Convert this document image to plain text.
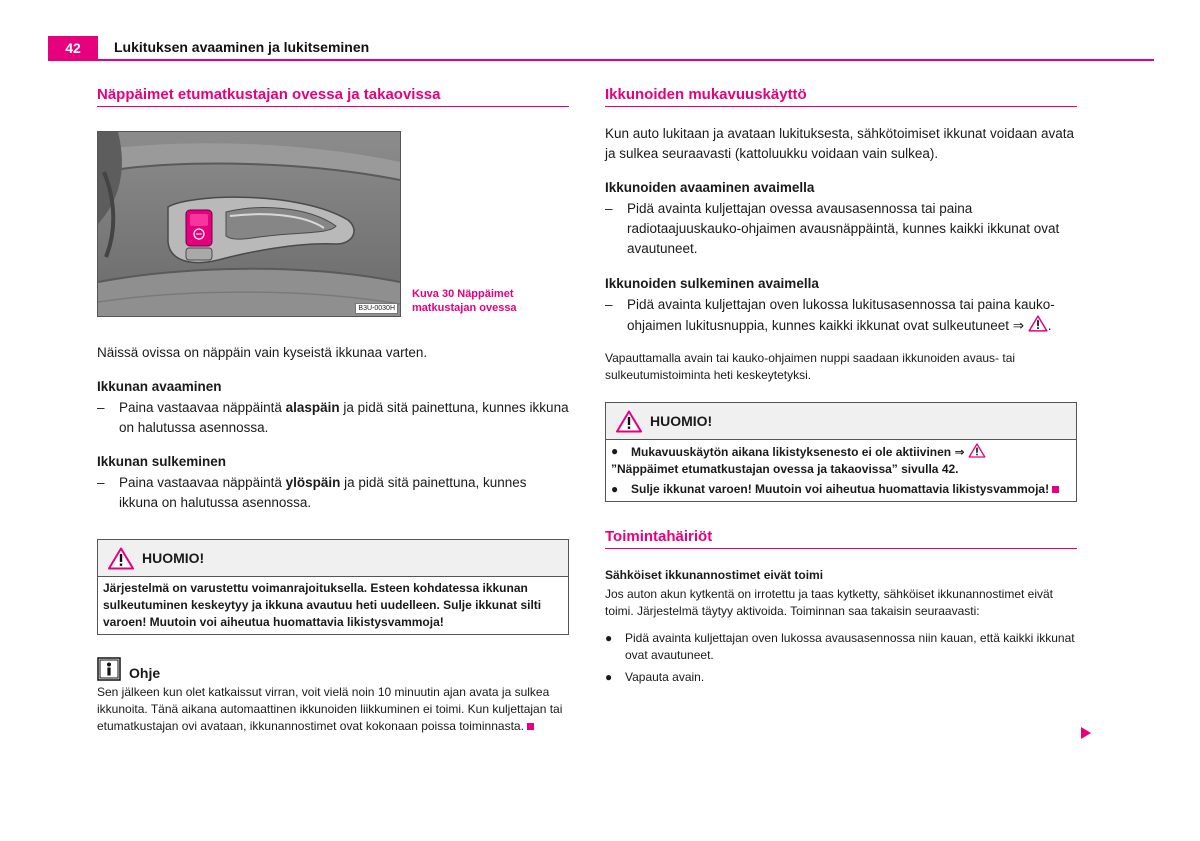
42	Lukituksen avaaminen ja lukitseminen
Näppäimet etumatkustajan ovessa ja takaovissa
B3U-0030H
Kuva 30 Näppäimet
matkustajan ovessa

Näissä ovissa on näppäin vain kyseistä ikkunaa varten.

Ikkunan avaaminen

– Paina vastaavaa näppäintä alaspäin ja pidä sitä painettuna, kunnes ikkuna on halutussa asennossa.

Ikkunan sulkeminen

– Paina vastaavaa näppäintä ylöspäin ja pidä sitä painettuna, kunnes ikkuna on halutussa asennossa.
HUOMIO!
Järjestelmä on varustettu voimanrajoituksella. Esteen kohdatessa ikkunan sulkeutuminen keskeytyy ja ikkuna avautuu heti uudelleen. Sulje ikkunat silti varoen! Muutoin voi aiheutua huomattavia likistysvammoja!
Ohje

Sen jälkeen kun olet katkaissut virran, voit vielä noin 10 minuutin ajan avata ja sulkea ikkunoita. Tänä aikana automaattinen ikkunoiden liikkuminen ei toimi. Kun kuljettajan tai etumatkustajan ovi avataan, ikkunannostimet ovat kokonaan poissa toiminnasta.

Ikkunoiden mukavuuskäyttö

Kun auto lukitaan ja avataan lukituksesta, sähkötoimiset ikkunat voidaan avata ja sulkea seuraavasti (kattoluukku voidaan vain sulkea).

Ikkunoiden avaaminen avaimella

– Pidä avainta kuljettajan ovessa avausasennossa tai paina radiotaajuuskauko-ohjaimen avausnäppäintä, kunnes kaikki ikkunat ovat avautuneet.

Ikkunoiden sulkeminen avaimella

– Pidä avainta kuljettajan oven lukossa lukitusasennossa tai paina kauko-ohjaimen lukitusnuppia, kunnes kaikki ikkunat ovat sulkeutuneet ⇒ .

Vapauttamalla avain tai kauko-ohjaimen nuppi saadaan ikkunoiden avaus- tai sulkeutumistoiminta heti keskeytetyksi.

HUOMIO!
● Mukavuuskäytön aikana likistyksenesto ei ole aktiivinen ⇒
”Näppäimet etumatkustajan ovessa ja takaovissa” sivulla 42.
● Sulje ikkunat varoen! Muutoin voi aiheutua huomattavia likistysvammoja!
Toimintahäiriöt

Sähköiset ikkunannostimet eivät toimi

Jos auton akun kytkentä on irrotettu ja taas kytketty, sähköiset ikkunannostimet eivät toimi. Järjestelmä täytyy aktivoida. Toiminnan saa takaisin seuraavasti:

● Pidä avainta kuljettajan oven lukossa avausasennossa niin kauan, että kaikki ikkunat ovat avautuneet.
● Vapauta avain.
